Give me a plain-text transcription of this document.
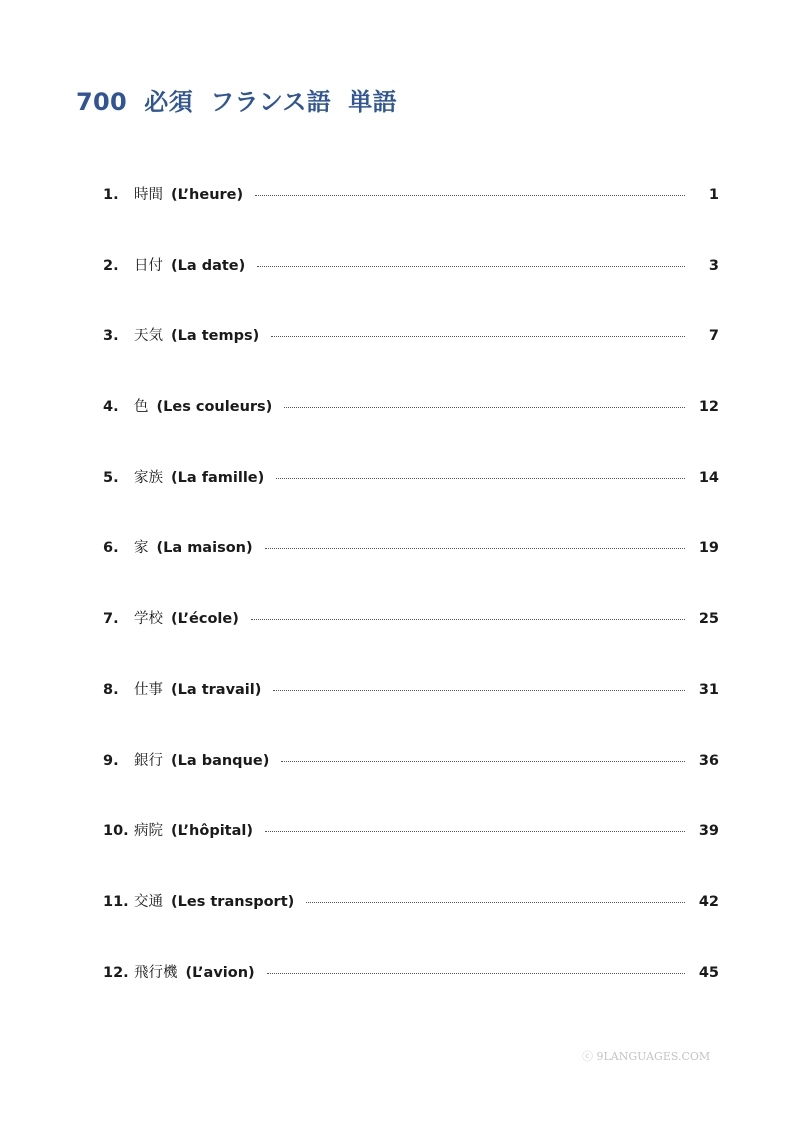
700  必須  フランス語  単語
1.	時間 (L’heure)	1
2.	日付 (La date)	3
3.	天気 (La temps)	7
4.	色 (Les couleurs)	12
5.	家族 (La famille)	14
6.	家 (La maison)	19
7.	学校 (L’école)	25
8.	仕事 (La travail)	31
9.	銀行 (La banque)	36
10. 病院 (L’hôpital)	39
11. 交通 (Les transport)	42
12. 飛行機 (L’avion)	45
ⓒ 9LANGUAGES.COM
